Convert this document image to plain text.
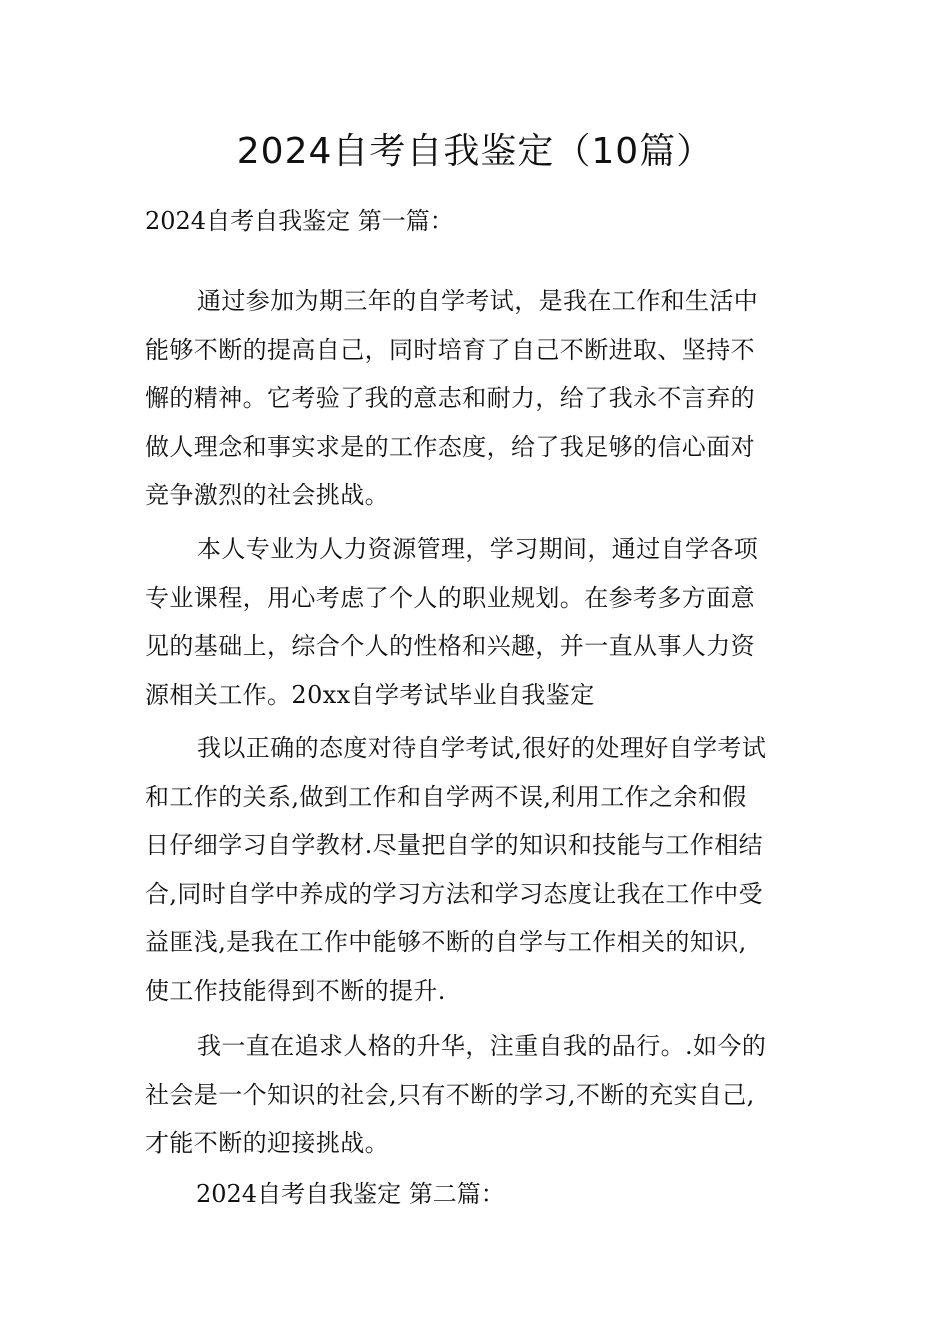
2024自考自我鉴定（10篇）

2024自考自我鉴定 第一篇：

通过参加为期三年的自学考试，是我在工作和生活中
能够不断的提高自己，同时培育了自己不断进取、坚持不
懈的精神。它考验了我的意志和耐力，给了我永不言弃的
做人理念和事实求是的工作态度，给了我足够的信心面对
竞争激烈的社会挑战。
本人专业为人力资源管理，学习期间，通过自学各项
专业课程，用心考虑了个人的职业规划。在参考多方面意
见的基础上，综合个人的性格和兴趣，并一直从事人力资
源相关工作。20xx自学考试毕业自我鉴定
我以正确的态度对待自学考试,很好的处理好自学考试
和工作的关系,做到工作和自学两不误,利用工作之余和假
日仔细学习自学教材.尽量把自学的知识和技能与工作相结
合,同时自学中养成的学习方法和学习态度让我在工作中受
益匪浅,是我在工作中能够不断的自学与工作相关的知识,
使工作技能得到不断的提升.
我一直在追求人格的升华，注重自我的品行。.如今的
社会是一个知识的社会,只有不断的学习,不断的充实自己,
才能不断的迎接挑战。

2024自考自我鉴定 第二篇：
